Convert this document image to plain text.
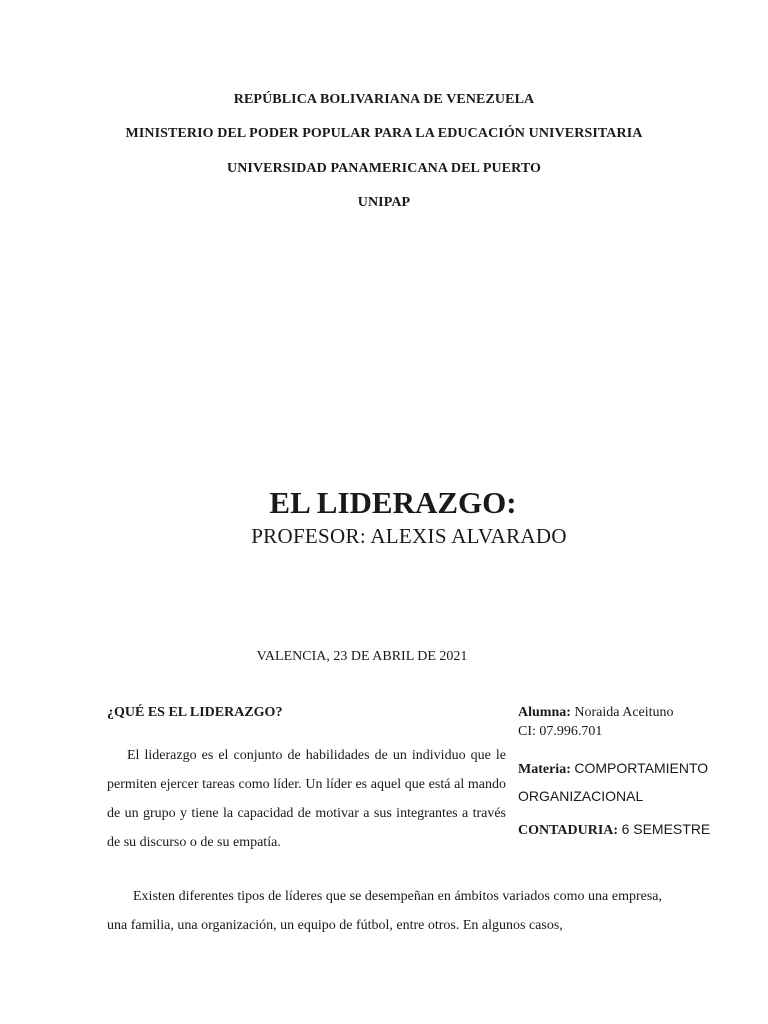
REPÚBLICA BOLIVARIANA DE VENEZUELA
MINISTERIO DEL PODER POPULAR PARA LA EDUCACIÓN UNIVERSITARIA
UNIVERSIDAD PANAMERICANA DEL PUERTO
UNIPAP
EL LIDERAZGO:
PROFESOR: ALEXIS ALVARADO
VALENCIA, 23 DE ABRIL DE 2021
¿QUÉ ES EL LIDERAZGO?	Alumna: Noraida Aceituno
CI: 07.996.701
Materia: COMPORTAMIENTO ORGANIZACIONAL
CONTADURIA: 6 SEMESTRE

El liderazgo es el conjunto de habilidades de un individuo que le permiten ejercer tareas como líder. Un líder es aquel que está al mando de un grupo y tiene la capacidad de motivar a sus integrantes a través de su discurso o de su empatía.

Existen diferentes tipos de líderes que se desempeñan en ámbitos variados como una empresa, una familia, una organización, un equipo de fútbol, entre otros. En algunos casos,
